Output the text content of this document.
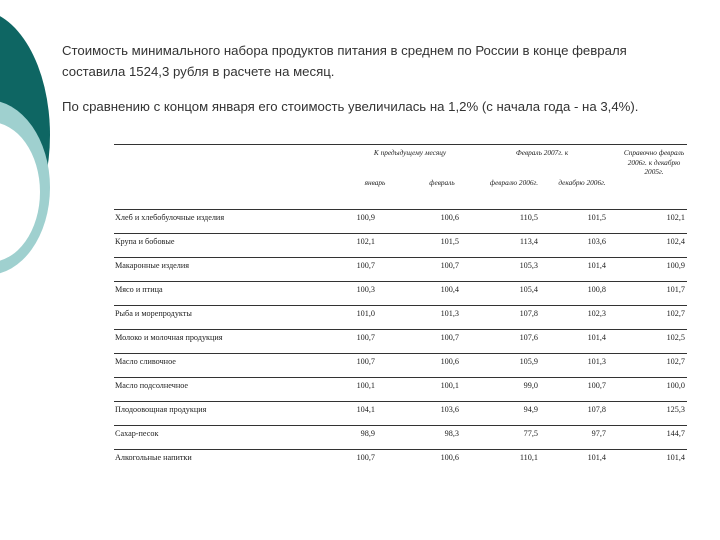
Стоимость минимального набора продуктов питания в среднем по России в конце февраля составила 1524,3 рубля в расчете на месяц.
По сравнению с концом января его стоимость увеличилась на 1,2% (с начала года - на 3,4%).
К предыдущему месяцу	Февраль 2007г. к	Справочно февраль 2006г. к декабрю 2005г.
январь	февраль	февралю 2006г.	декабрю 2006г.
Хлеб и хлебобулочные изделия	100,9	100,6	110,5	101,5	102,1
Крупа и бобовые	102,1	101,5	113,4	103,6	102,4
Макаронные изделия	100,7	100,7	105,3	101,4	100,9
Мясо и птица	100,3	100,4	105,4	100,8	101,7
Рыба и морепродукты	101,0	101,3	107,8	102,3	102,7
Молоко и молочная продукция	100,7	100,7	107,6	101,4	102,5
Масло сливочное	100,7	100,6	105,9	101,3	102,7
Масло подсолнечное	100,1	100,1	99,0	100,7	100,0
Плодоовощная продукция	104,1	103,6	94,9	107,8	125,3
Сахар-песок	98,9	98,3	77,5	97,7	144,7
Алкогольные напитки	100,7	100,6	110,1	101,4	101,4
